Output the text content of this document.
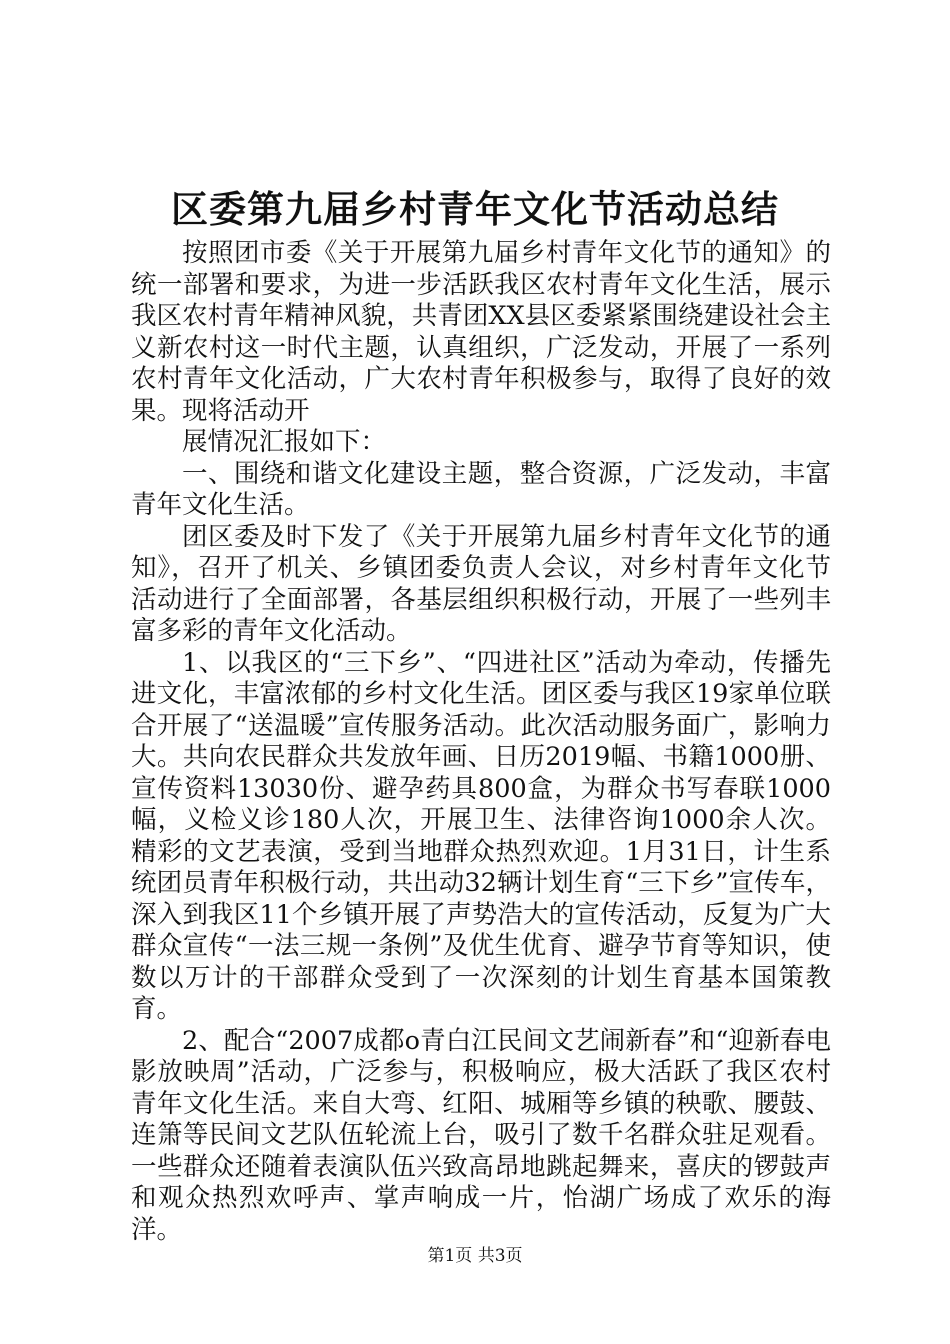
区委第九届乡村青年文化节活动总结

按照团市委《关于开展第九届乡村青年文化节的通知》的统一部署和要求，为进一步活跃我区农村青年文化生活，展示我区农村青年精神风貌，共青团XX县区委紧紧围绕建设社会主义新农村这一时代主题，认真组织，广泛发动，开展了一系列农村青年文化活动，广大农村青年积极参与，取得了良好的效果。现将活动开

展情况汇报如下：

一、围绕和谐文化建设主题，整合资源，广泛发动，丰富青年文化生活。

团区委及时下发了《关于开展第九届乡村青年文化节的通知》，召开了机关、乡镇团委负责人会议，对乡村青年文化节活动进行了全面部署，各基层组织积极行动，开展了一些列丰富多彩的青年文化活动。

1、以我区的“三下乡”、“四进社区”活动为牵动，传播先进文化，丰富浓郁的乡村文化生活。团区委与我区19家单位联合开展了“送温暖”宣传服务活动。此次活动服务面广，影响力大。共向农民群众共发放年画、日历2019幅、书籍1000册、宣传资料13030份、避孕药具800盒，为群众书写春联1000幅，义检义诊180人次，开展卫生、法律咨询1000余人次。精彩的文艺表演，受到当地群众热烈欢迎。1月31日，计生系统团员青年积极行动，共出动32辆计划生育“三下乡”宣传车，深入到我区11个乡镇开展了声势浩大的宣传活动，反复为广大群众宣传“一法三规一条例”及优生优育、避孕节育等知识，使数以万计的干部群众受到了一次深刻的计划生育基本国策教育。

2、配合“2007成都o青白江民间文艺闹新春”和“迎新春电影放映周”活动，广泛参与，积极响应，极大活跃了我区农村青年文化生活。来自大弯、红阳、城厢等乡镇的秧歌、腰鼓、连箫等民间文艺队伍轮流上台，吸引了数千名群众驻足观看。一些群众还随着表演队伍兴致高昂地跳起舞来，喜庆的锣鼓声和观众热烈欢呼声、掌声响成一片，怡湖广场成了欢乐的海洋。

第1页 共3页
